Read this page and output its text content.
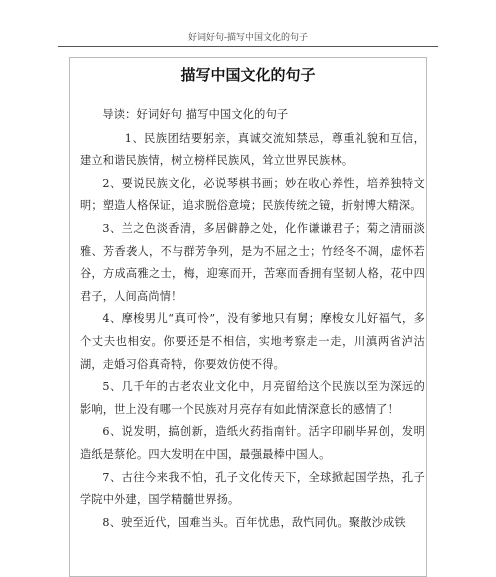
好词好句-描写中国文化的句子
描写中国文化的句子

导读：好词好句 描写中国文化的句子

1、民族团结要躬亲，真诚交流知禁忌，尊重礼貌和互信，建立和谐民族情，树立榜样民族风，耸立世界民族林。

2、要说民族文化，必说琴棋书画；妙在收心养性，培养独特文明；塑造人格保证，追求脱俗意境；民族传统之镜，折射博大精深。

3、兰之色淡香清，多居僻静之处，化作谦谦君子；菊之清丽淡雅、芳香袭人，不与群芳争列，是为不屈之士；竹经冬不凋，虚怀若谷，方成高雅之士，梅，迎寒而开，苦寒而香拥有坚韧人格，花中四君子，人间高尚情！

4、摩梭男儿“真可怜”，没有爹地只有舅；摩梭女儿好福气，多个丈夫也相安。你要还是不相信，实地考察走一走，川滇两省泸沽湖，走婚习俗真奇特，你要效仿使不得。

5、几千年的古老农业文化中，月亮留给这个民族以至为深远的影响，世上没有哪一个民族对月亮存有如此情深意长的感情了！

6、说发明，搞创新，造纸火药指南针。活字印刷毕昇创，发明造纸是蔡伦。四大发明在中国，最强最棒中国人。

7、古往今来我不怕，孔子文化传天下，全球掀起国学热，孔子学院中外建，国学精髓世界扬。

8、驶至近代，国难当头。百年忧患，敌忾同仇。聚散沙成铁
